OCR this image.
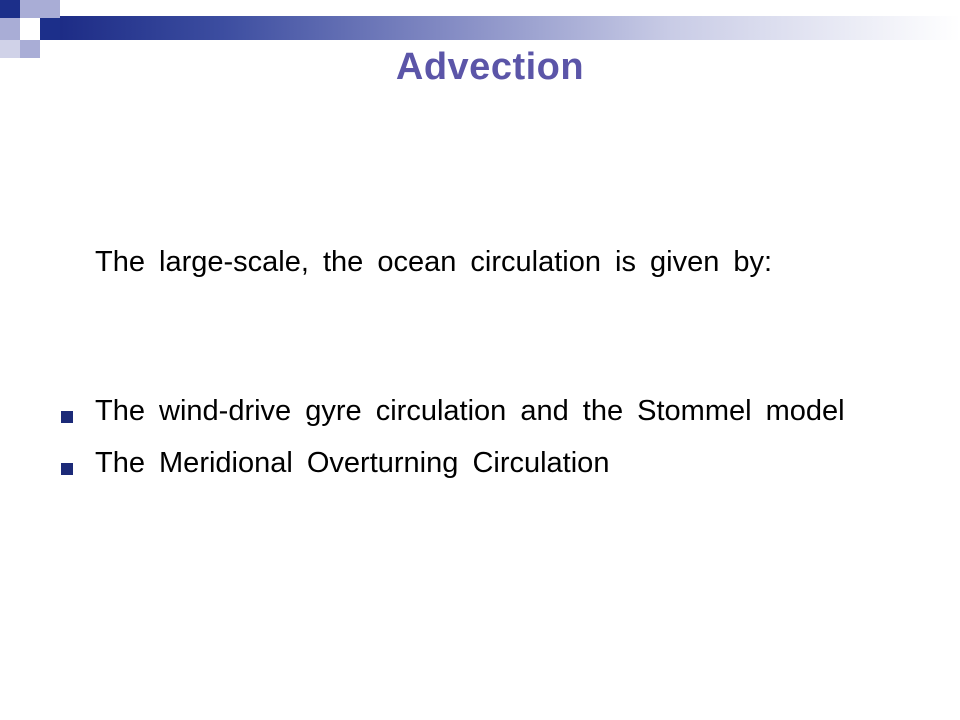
Advection
The large-scale, the ocean circulation is given by:
The wind-drive gyre circulation and the Stommel model
The Meridional Overturning Circulation
